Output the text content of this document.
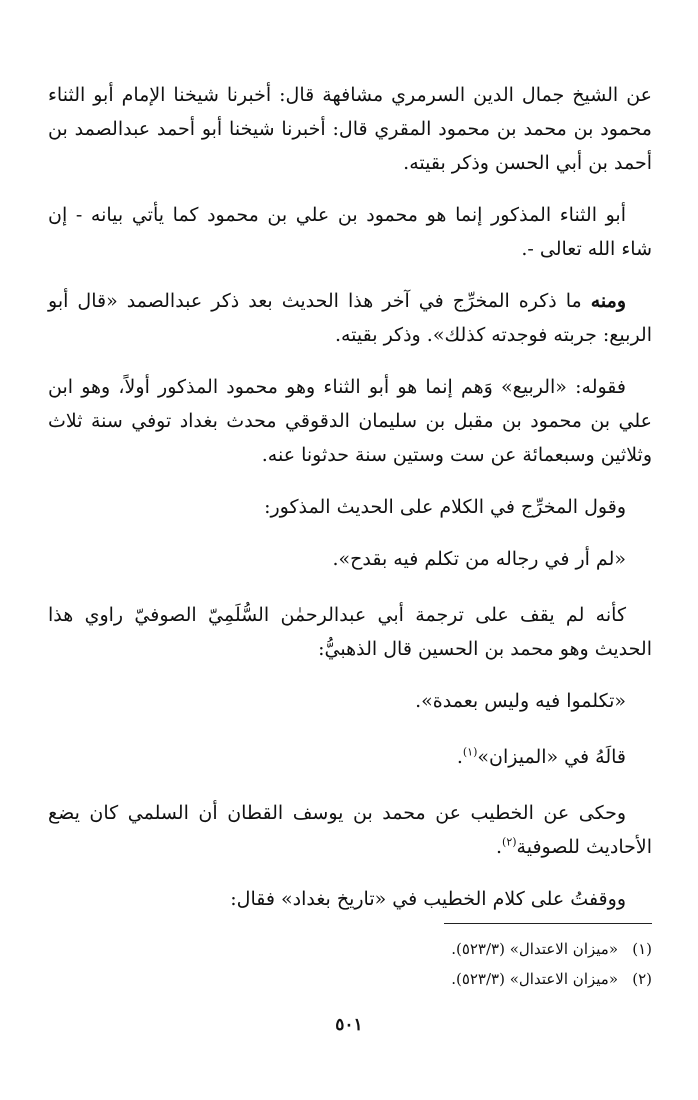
عن الشيخ جمال الدين السرمري مشافهة قال: أخبرنا شيخنا الإمام أبو الثناء محمود بن محمد بن محمود المقري قال: أخبرنا شيخنا أبو أحمد عبدالصمد بن أحمد بن أبي الحسن وذكر بقيته.

أبو الثناء المذكور إنما هو محمود بن علي بن محمود كما يأتي بيانه - إن شاء الله تعالى -.

ومنه ما ذكره المخرِّج في آخر هذا الحديث بعد ذكر عبدالصمد «قال أبو الربيع: جربته فوجدته كذلك». وذكر بقيته.

فقوله: «الربيع» وَهم إنما هو أبو الثناء وهو محمود المذكور أولاً، وهو ابن علي بن محمود بن مقبل بن سليمان الدقوقي محدث بغداد توفي سنة ثلاث وثلاثين وسبعمائة عن ست وستين سنة حدثونا عنه.

وقول المخرِّج في الكلام على الحديث المذكور:

«لم أر في رجاله من تكلم فيه بقدح».

كأنه لم يقف على ترجمة أبي عبدالرحمٰن السُّلَمِيّ الصوفيّ راوي هذا الحديث وهو محمد بن الحسين قال الذهبيُّ:

«تكلموا فيه وليس بعمدة».

قالَهُ في «الميزان»$^{(١)}$.

وحكى عن الخطيب عن محمد بن يوسف القطان أن السلمي كان يضع الأحاديث للصوفية$^{(٢)}$.

ووقفتُ على كلام الخطيب في «تاريخ بغداد» فقال:

(١)«ميزان الاعتدال» (٥٢٣/٣).

(٢)«ميزان الاعتدال» (٥٢٣/٣).

٥٠١
